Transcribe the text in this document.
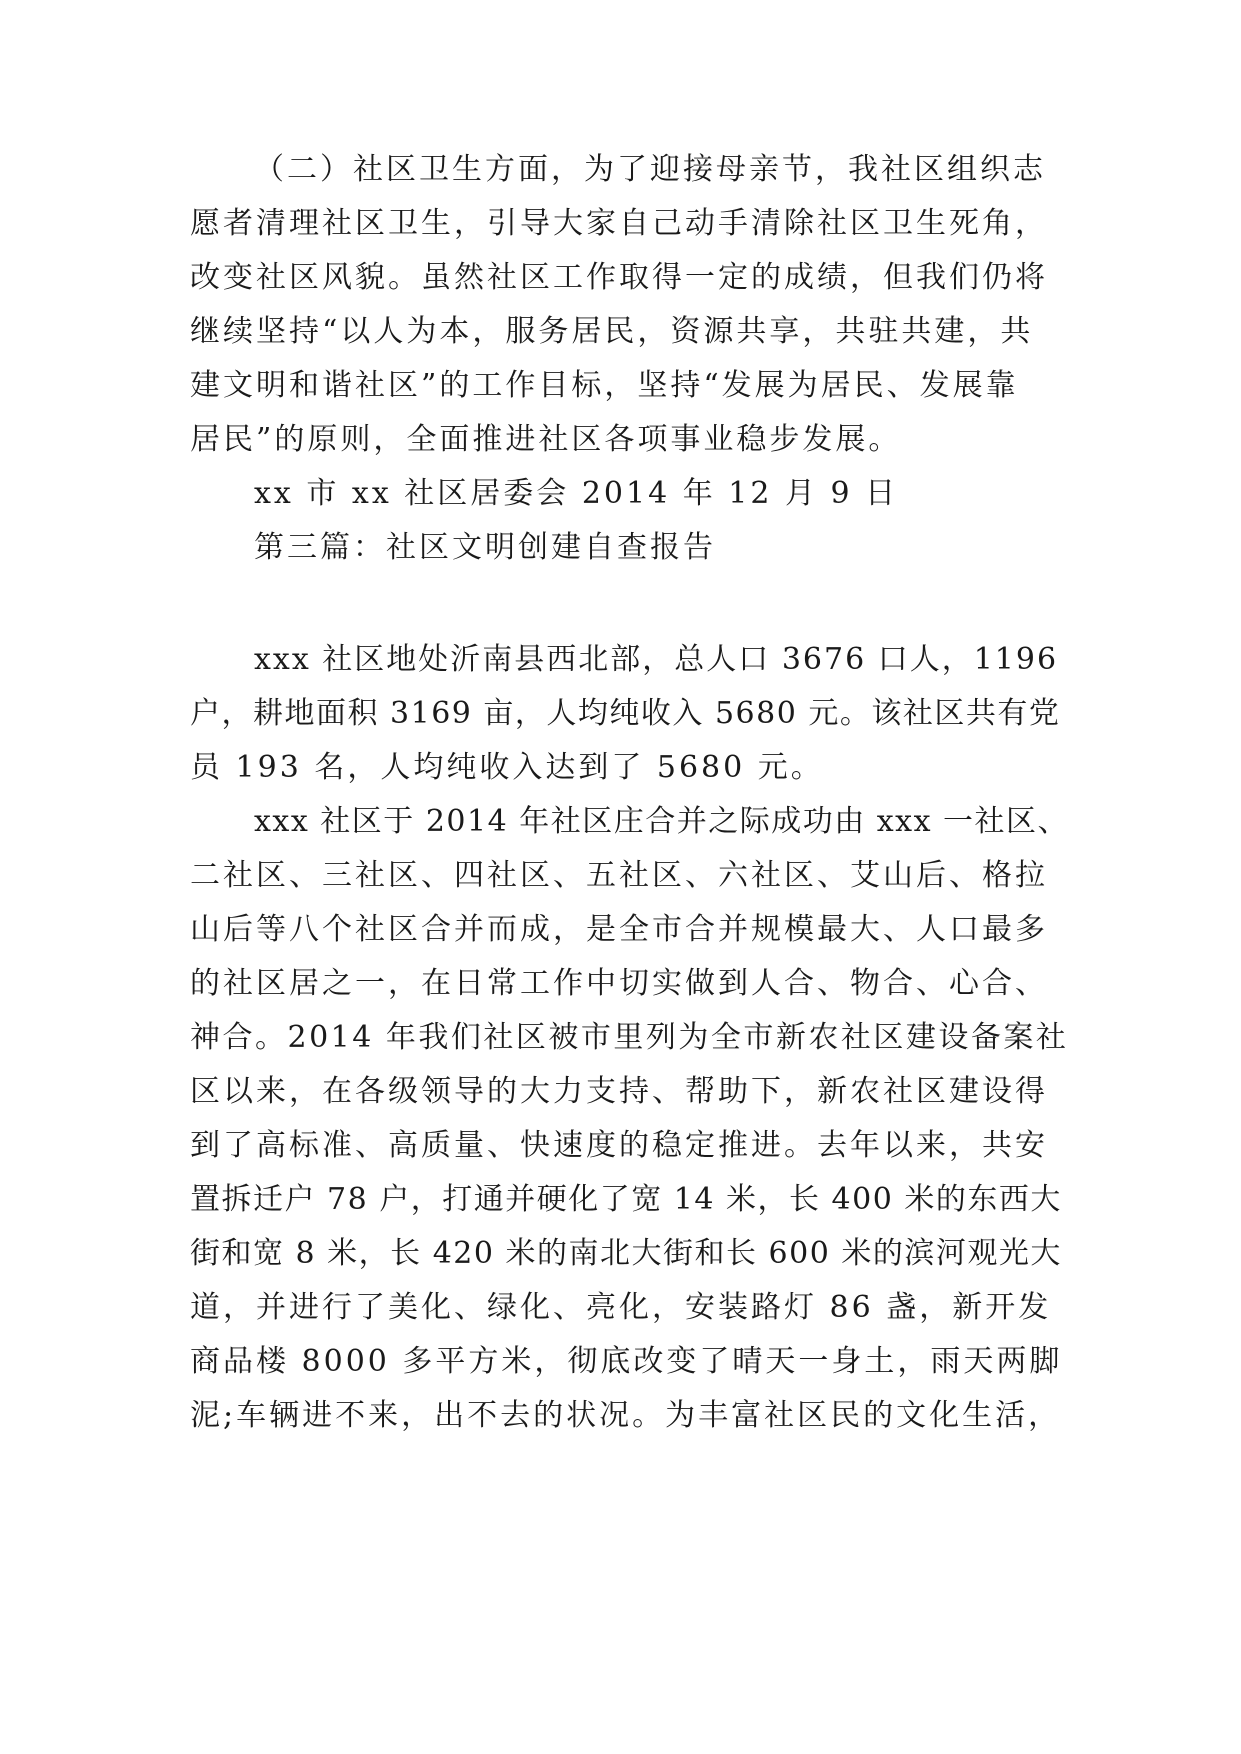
（二）社区卫生方面，为了迎接母亲节，我社区组织志
愿者清理社区卫生，引导大家自己动手清除社区卫生死角，
改变社区风貌。虽然社区工作取得一定的成绩，但我们仍将
继续坚持“以人为本，服务居民，资源共享，共驻共建，共
建文明和谐社区”的工作目标，坚持“发展为居民、发展靠
居民”的原则，全面推进社区各项事业稳步发展。
xx 市 xx 社区居委会 2014 年 12 月 9 日
第三篇：社区文明创建自查报告
xxx 社区地处沂南县西北部，总人口 3676 口人，1196
户，耕地面积 3169 亩，人均纯收入 5680 元。该社区共有党
员 193 名，人均纯收入达到了 5680 元。
xxx 社区于 2014 年社区庄合并之际成功由 xxx 一社区、
二社区、三社区、四社区、五社区、六社区、艾山后、格拉
山后等八个社区合并而成，是全市合并规模最大、人口最多
的社区居之一，在日常工作中切实做到人合、物合、心合、
神合。2014 年我们社区被市里列为全市新农社区建设备案社
区以来，在各级领导的大力支持、帮助下，新农社区建设得
到了高标准、高质量、快速度的稳定推进。去年以来，共安
置拆迁户 78 户，打通并硬化了宽 14 米，长 400 米的东西大
街和宽 8 米，长 420 米的南北大街和长 600 米的滨河观光大
道，并进行了美化、绿化、亮化，安装路灯 86 盏，新开发
商品楼 8000 多平方米，彻底改变了晴天一身土，雨天两脚
泥;车辆进不来，出不去的状况。为丰富社区民的文化生活，
